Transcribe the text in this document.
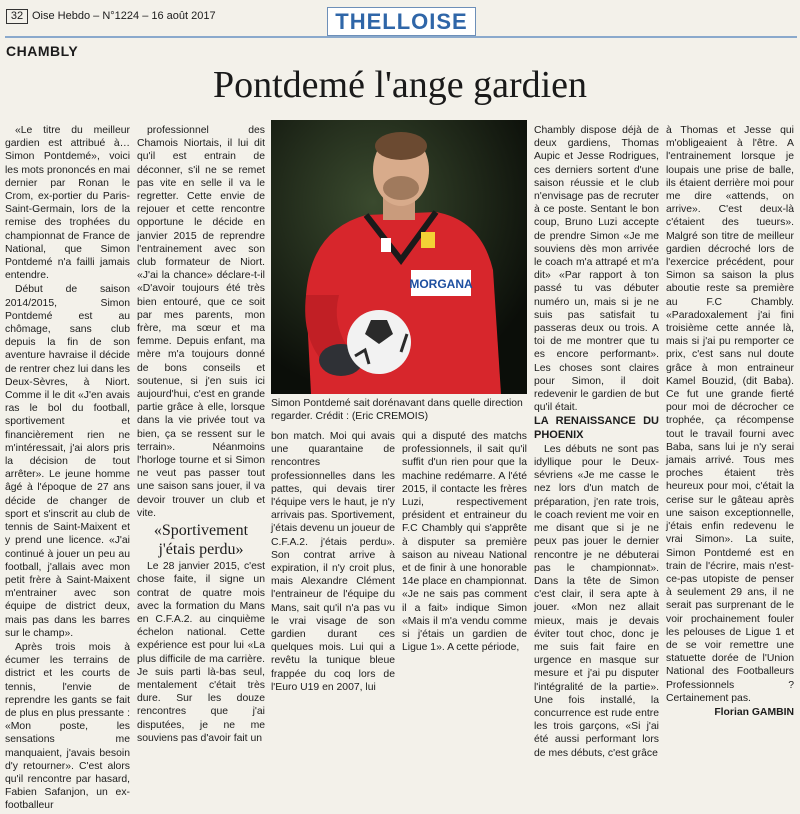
32 Oise Hebdo – N°1224 – 16 août 2017	THELLOISE
CHAMBLY
Pontdemé l'ange gardien

«Le titre du meilleur gardien est attribué à…Simon Pontdemé», voici les mots prononcés en mai dernier par Ronan le Crom, ex-portier du Paris-Saint-Germain, lors de la remise des trophées du championnat de France de National, que Simon Pontdemé n'a failli jamais entendre.

Début de saison 2014/2015, Simon Pontdemé est au chômage, sans club depuis la fin de son aventure havraise il décide de rentrer chez lui dans les Deux-Sèvres, à Niort. Comme il le dit «J'en avais ras le bol du football, sportivement et financièrement rien ne m'intéressait, j'ai alors pris la décision de tout arrêter». Le jeune homme âgé à l'époque de 27 ans décide de changer de sport et s'inscrit au club de tennis de Saint-Maixent et y prend une licence. «J'ai continué à jouer un peu au football, j'allais avec mon petit frère à Saint-Maixent m'entrainer avec son équipe de district deux, mais pas dans les barres sur le champ».

Après trois mois à écumer les terrains de district et les courts de tennis, l'envie de reprendre les gants se fait de plus en plus pressante : «Mon poste, les sensations me manquaient, j'avais besoin d'y retourner». C'est alors qu'il rencontre par hasard, Fabien Safanjon, un ex-footballeur

professionnel des Chamois Niortais, il lui dit qu'il est entrain de déconner, s'il ne se remet pas vite en selle il va le regretter. Cette envie de rejouer et cette rencontre opportune le décide en janvier 2015 de reprendre l'entrainement avec son club formateur de Niort. «J'ai la chance» déclare-t-il «D'avoir toujours été très bien entouré, que ce soit par mes parents, mon frère, ma sœur et ma femme. Depuis enfant, ma mère m'a toujours donné de bons conseils et soutenue, si j'en suis ici aujourd'hui, c'est en grande partie grâce à elle, lorsque dans la vie privée tout va bien, ça se ressent sur le terrain». Néanmoins l'horloge tourne et si Simon ne veut pas passer tout une saison sans jouer, il va devoir trouver un club et vite.

«Sportivement j'étais perdu»

Le 28 janvier 2015, c'est chose faite, il signe un contrat de quatre mois avec la formation du Mans en C.F.A.2. au cinquième échelon national. Cette expérience est pour lui «La plus difficile de ma carrière. Je suis parti là-bas seul, mentalement c'était très dure. Sur les douze rencontres que j'ai disputées, je ne me souviens pas d'avoir fait un

MORGANA
Simon Pontdemé sait dorénavant dans quelle direction regarder. Crédit : (Eric CREMOIS)

bon match. Moi qui avais une quarantaine de rencontres professionnelles dans les pattes, qui devais tirer l'équipe vers le haut, je n'y arrivais pas. Sportivement, j'étais devenu un joueur de C.F.A.2. j'étais perdu». Son contrat arrive à expiration, il n'y croit plus, mais Alexandre Clément l'entraineur de l'équipe du Mans, sait qu'il n'a pas vu le vrai visage de son gardien durant ces quelques mois. Lui qui a revêtu la tunique bleue frappée du coq lors de l'Euro U19 en 2007, lui

qui a disputé des matchs professionnels, il sait qu'il suffit d'un rien pour que la machine redémarre. A l'été 2015, il contacte les frères Luzi, respectivement président et entraineur du F.C Chambly qui s'apprête à disputer sa première saison au niveau National et de finir à une honorable 14e place en championnat. «Je ne sais pas comment il a fait» indique Simon «Mais il m'a vendu comme si j'étais un gardien de Ligue 1». A cette période,

Chambly dispose déjà de deux gardiens, Thomas Aupic et Jesse Rodrigues, ces derniers sortent d'une saison réussie et le club n'envisage pas de recruter à ce poste. Sentant le bon coup, Bruno Luzi accepte de prendre Simon «Je me souviens dès mon arrivée le coach m'a attrapé et m'a dit» «Par rapport à ton passé tu vas débuter numéro un, mais si je ne suis pas satisfait tu passeras deux ou trois. A toi de me montrer que tu es encore performant». Les choses sont claires pour Simon, il doit redevenir le gardien de but qu'il était.

LA RENAISSANCE DU PHOENIX

Les débuts ne sont pas idyllique pour le Deux-sévriens «Je me casse le nez lors d'un match de préparation, j'en rate trois, le coach revient me voir en me disant que si je ne peux pas jouer le dernier rencontre je ne débuterai pas le championnat». Dans la tête de Simon c'est clair, il sera apte à jouer. «Mon nez allait mieux, mais je devais éviter tout choc, donc je me suis fait faire en urgence en masque sur mesure et j'ai pu disputer l'intégralité de la partie». Une fois installé, la concurrence est rude entre les trois garçons, «Si j'ai été aussi performant lors de mes débuts, c'est grâce

à Thomas et Jesse qui m'obligeaient à l'être. A l'entrainement lorsque je loupais une prise de balle, ils étaient derrière moi pour me dire «attends, on arrive». C'est deux-là c'étaient des tueurs». Malgré son titre de meilleur gardien décroché lors de l'exercice précédent, pour Simon sa saison la plus aboutie reste sa première au F.C Chambly. «Paradoxalement j'ai fini troisième cette année là, mais si j'ai pu remporter ce prix, c'est sans nul doute grâce à mon entraineur Kamel Bouzid, (dit Baba). Ce fut une grande fierté pour moi de décrocher ce trophée, ça récompense tout le travail fourni avec Baba, sans lui je n'y serai jamais arrivé. Tous mes proches étaient très heureux pour moi, c'était la cerise sur le gâteau après une saison exceptionnelle, j'étais enfin redevenu le vrai Simon». La suite, Simon Pontdemé est en train de l'écrire, mais n'est-ce-pas utopiste de penser à seulement 29 ans, il ne serait pas surprenant de le voir prochainement fouler les pelouses de Ligue 1 et de se voir remettre une statuette dorée de l'Union National des Footballeurs Professionnels ? Certainement pas.

Florian GAMBIN
